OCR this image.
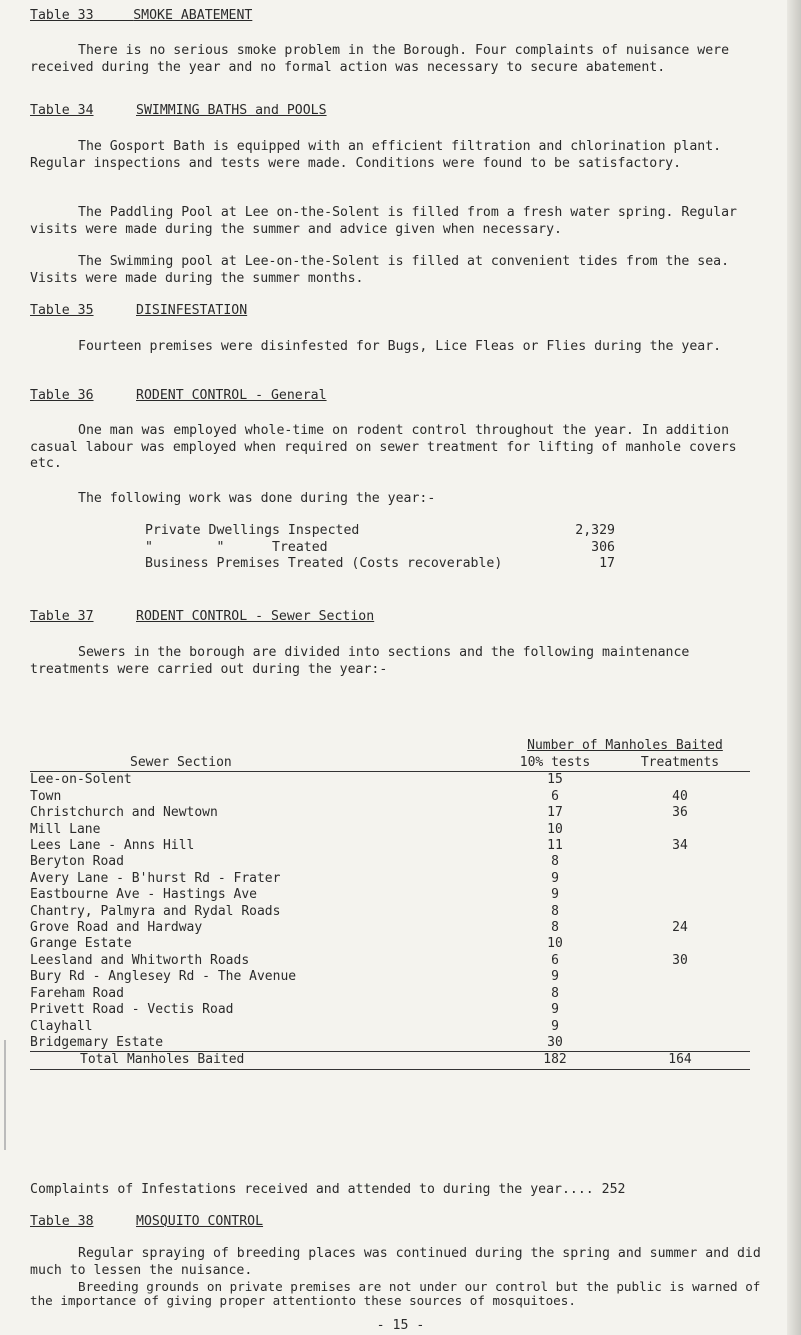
Table 33	SMOKE ABATEMENT

There is no serious smoke problem in the Borough. Four complaints of nuisance were received during the year and no formal action was necessary to secure abatement.

Table 34	SWIMMING BATHS and POOLS

The Gosport Bath is equipped with an efficient filtration and chlorination plant. Regular inspections and tests were made. Conditions were found to be satisfactory.

The Paddling Pool at Lee on-the-Solent is filled from a fresh water spring. Regular visits were made during the summer and advice given when necessary.

The Swimming pool at Lee-on-the-Solent is filled at convenient tides from the sea. Visits were made during the summer months.

Table 35	DISINFESTATION

Fourteen premises were disinfested for Bugs, Lice Fleas or Flies during the year.

Table 36	RODENT CONTROL - General

One man was employed whole-time on rodent control throughout the year. In addition casual labour was employed when required on sewer treatment for lifting of manhole covers etc.

The following work was done during the year:-

Private Dwellings Inspected	2,329
"        "      Treated	306
Business Premises Treated (Costs recoverable)	17
Table 37	RODENT CONTROL - Sewer Section

Sewers in the borough are divided into sections and the following maintenance treatments were carried out during the year:-

	Number of Manholes Baited	
Sewer Section	10% tests	Treatments
Lee-on-Solent	15	
Town	6	40
Christchurch and Newtown	17	36
Mill Lane	10	
Lees Lane - Anns Hill	11	34
Beryton Road	8	
Avery Lane - B'hurst Rd - Frater	9	
Eastbourne Ave - Hastings Ave	9	
Chantry, Palmyra and Rydal Roads	8	
Grove Road and Hardway	8	24
Grange Estate	10	
Leesland and Whitworth Roads	6	30
Bury Rd - Anglesey Rd - The Avenue	9	
Fareham Road	8	
Privett Road - Vectis Road	9	
Clayhall	9	
Bridgemary Estate	30	
Total Manholes Baited	182	164

Complaints of Infestations received and attended to during the year.... 252

Table 38	MOSQUITO CONTROL

Regular spraying of breeding places was continued during the spring and summer and did much to lessen the nuisance.

Breeding grounds on private premises are not under our control but the public is warned of the importance of giving proper attentionto these sources of mosquitoes.

- 15 -
